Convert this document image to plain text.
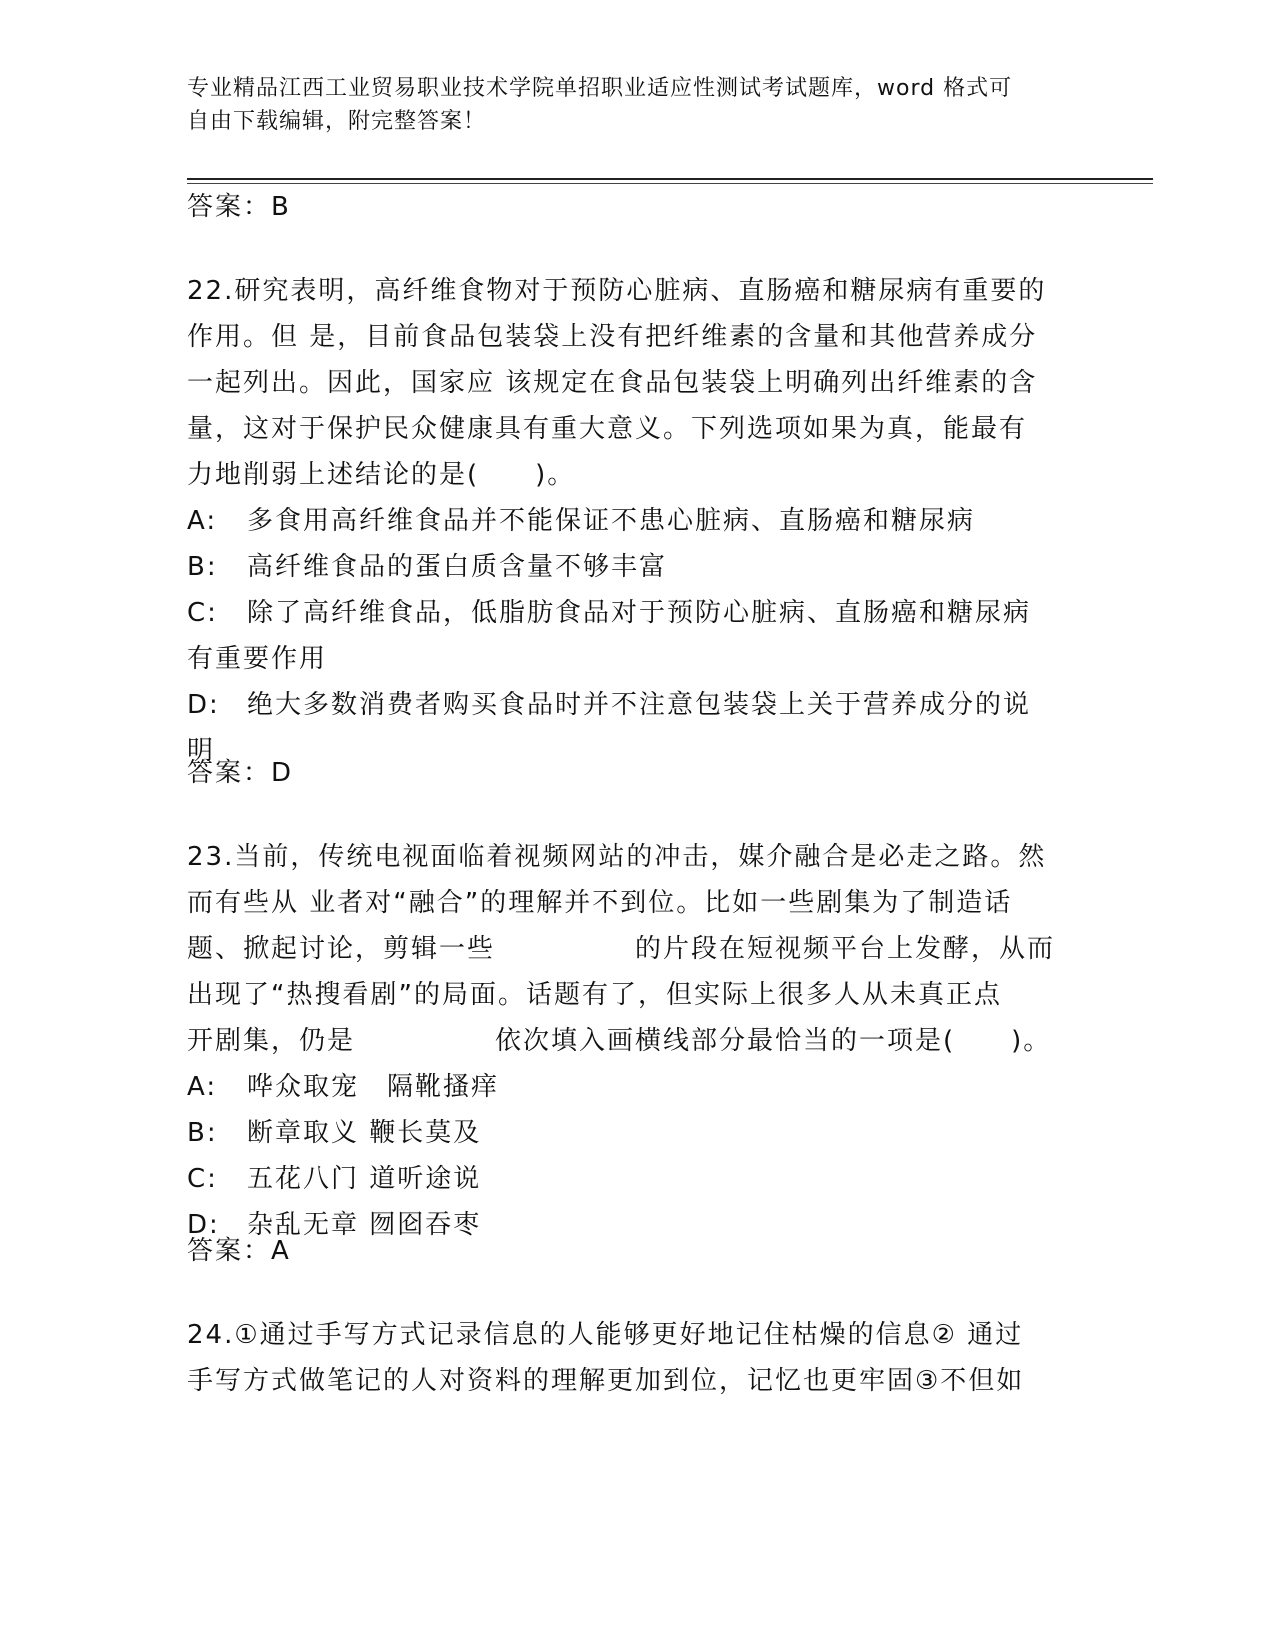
专业精品江西工业贸易职业技术学院单招职业适应性测试考试题库，word 格式可
自由下载编辑，附完整答案！
答案：B
22.研究表明，高纤维食物对于预防心脏病、直肠癌和糖尿病有重要的
作用。但 是，目前食品包装袋上没有把纤维素的含量和其他营养成分
一起列出。因此，国家应 该规定在食品包装袋上明确列出纤维素的含
量，这对于保护民众健康具有重大意义。下列选项如果为真，能最有
力地削弱上述结论的是(　　)。
A:	多食用高纤维食品并不能保证不患心脏病、直肠癌和糖尿病
B:	高纤维食品的蛋白质含量不够丰富
C:	除了高纤维食品，低脂肪食品对于预防心脏病、直肠癌和糖尿病
有重要作用
D:	绝大多数消费者购买食品时并不注意包装袋上关于营养成分的说
明
答案：D
23.当前，传统电视面临着视频网站的冲击，媒介融合是必走之路。然
而有些从 业者对“融合”的理解并不到位。比如一些剧集为了制造话
题、掀起讨论，剪辑一些　　　　　的片段在短视频平台上发酵，从而
出现了“热搜看剧”的局面。话题有了，但实际上很多人从未真正点
开剧集，仍是　　　　　依次填入画横线部分最恰当的一项是(　　)。
A:	哗众取宠　隔靴搔痒
B:	断章取义 鞭长莫及
C:	五花八门 道听途说
D:	杂乱无章 囫囵吞枣
答案：A
24.①通过手写方式记录信息的人能够更好地记住枯燥的信息② 通过
手写方式做笔记的人对资料的理解更加到位，记忆也更牢固③不但如
